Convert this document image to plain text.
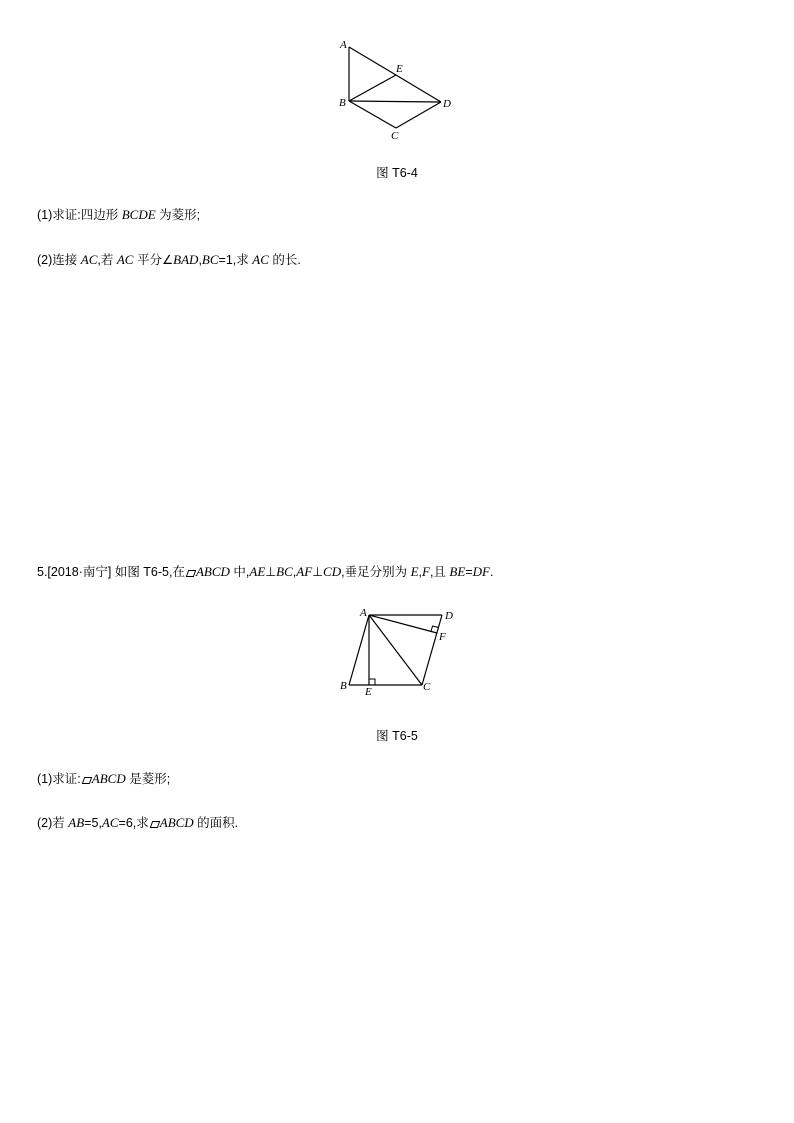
A
E
B	D
C
图 T6-4
(1)求证:四边形 BCDE 为菱形;
(2)连接 AC,若 AC 平分∠BAD,BC=1,求 AC 的长.
5.[2018·南宁] 如图 T6-5,在 ABCD 中,AE⊥BC,AF⊥CD,垂足分别为 E,F,且 BE=DF.
A	D
F
B E	C
图 T6-5
(1)求证: ABCD 是菱形;
(2)若 AB=5,AC=6,求 ABCD 的面积.
